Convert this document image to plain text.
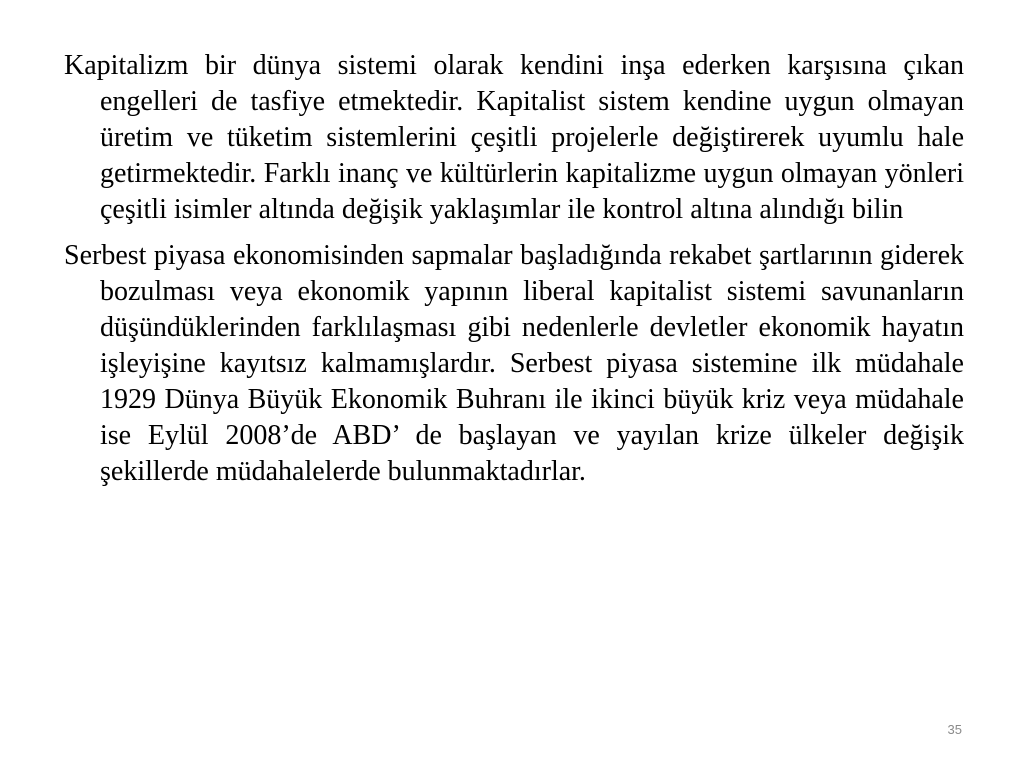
Kapitalizm bir dünya sistemi olarak kendini inşa ederken karşısına çıkan engelleri de tasfiye etmektedir. Kapitalist sistem kendine uygun olmayan üretim ve tüketim sistemlerini çeşitli projelerle değiştirerek uyumlu hale getirmektedir. Farklı inanç ve kültürlerin kapitalizme uygun olmayan yönleri çeşitli isimler altında değişik yaklaşımlar ile kontrol altına alındığı bilin

Serbest piyasa ekonomisinden sapmalar başladığında rekabet şartlarının giderek bozulması veya ekonomik yapının liberal kapitalist sistemi savunanların düşündüklerinden farklılaşması gibi nedenlerle devletler ekonomik hayatın işleyişine kayıtsız kalmamışlardır. Serbest piyasa sistemine ilk müdahale 1929 Dünya Büyük Ekonomik Buhranı ile ikinci büyük kriz veya müdahale ise Eylül 2008’de ABD’ de başlayan ve yayılan krize ülkeler değişik şekillerde müdahalelerde bulunmaktadırlar.

35
